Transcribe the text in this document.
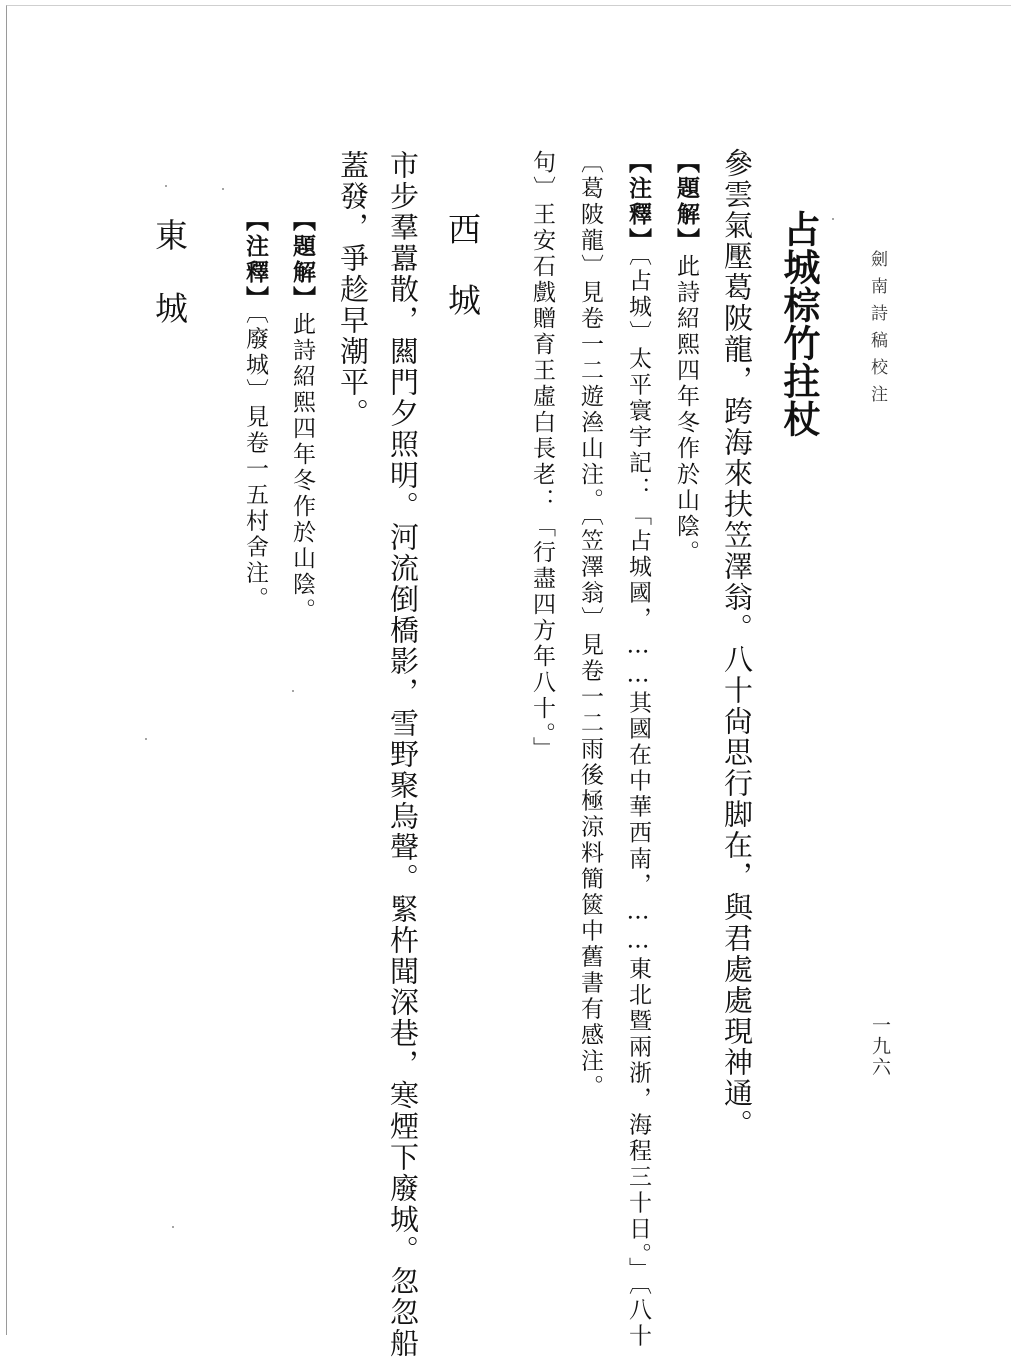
劍南詩稿校注
一九六
占城棕竹拄杖
參雲氣壓葛陂龍，跨海來扶笠澤翁。八十尙思行脚在，與君處處現神通。
【題解】此詩紹熙四年冬作於山陰。
【注釋】〔占城〕太平寰宇記：「占城國，……其國在中華西南，……東北暨兩浙，海程三十日。」〔八十
〔葛陂龍〕見卷一二遊㴉山注。〔笠澤翁〕見卷一二雨後極涼料簡篋中舊書有感注。
句〕王安石戲贈育王虛白長老：「行盡四方年八十。」
西城
市步羣囂散，闗門夕照明。河流倒橋影，雪野聚烏聲。緊杵聞深巷，寒煙下廢城。忽忽船
蓋發，爭趁早潮平。
【題解】此詩紹熙四年冬作於山陰。
【注釋】〔廢城〕見卷一五村舍注。
東城
